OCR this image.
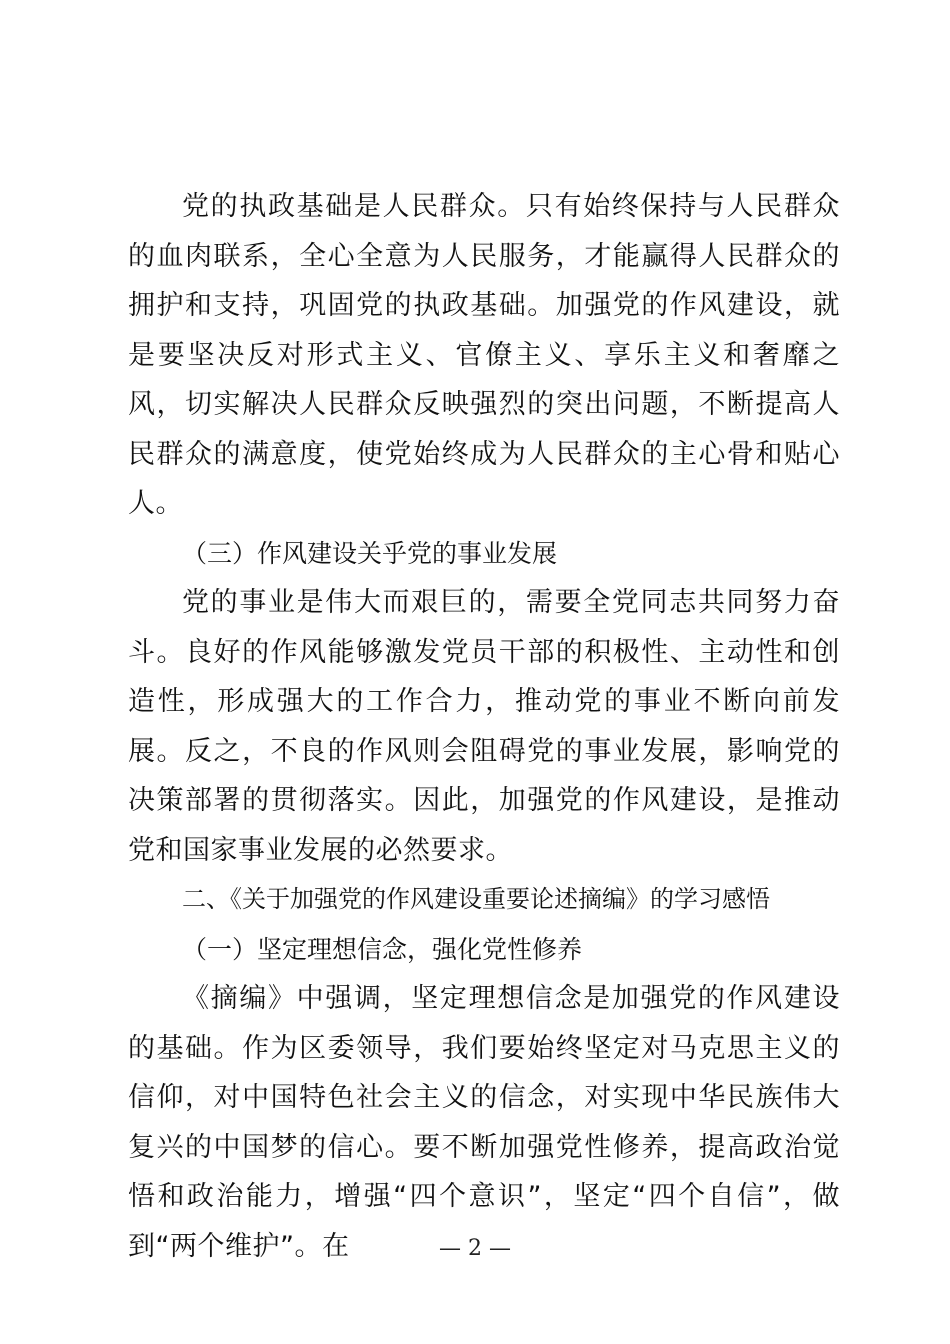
党的执政基础是人民群众。只有始终保持与人民群众的血肉联系，全心全意为人民服务，才能赢得人民群众的拥护和支持，巩固党的执政基础。加强党的作风建设，就是要坚决反对形式主义、官僚主义、享乐主义和奢靡之风，切实解决人民群众反映强烈的突出问题，不断提高人民群众的满意度，使党始终成为人民群众的主心骨和贴心人。

（三）作风建设关乎党的事业发展

党的事业是伟大而艰巨的，需要全党同志共同努力奋斗。良好的作风能够激发党员干部的积极性、主动性和创造性，形成强大的工作合力，推动党的事业不断向前发展。反之，不良的作风则会阻碍党的事业发展，影响党的决策部署的贯彻落实。因此，加强党的作风建设，是推动党和国家事业发展的必然要求。

二、《关于加强党的作风建设重要论述摘编》的学习感悟

（一）坚定理想信念，强化党性修养

《摘编》中强调，坚定理想信念是加强党的作风建设的基础。作为区委领导，我们要始终坚定对马克思主义的信仰，对中国特色社会主义的信念，对实现中华民族伟大复兴的中国梦的信心。要不断加强党性修养，提高政治觉悟和政治能力，增强“四个意识”，坚定“四个自信”，做到“两个维护”。在	— 2 —
